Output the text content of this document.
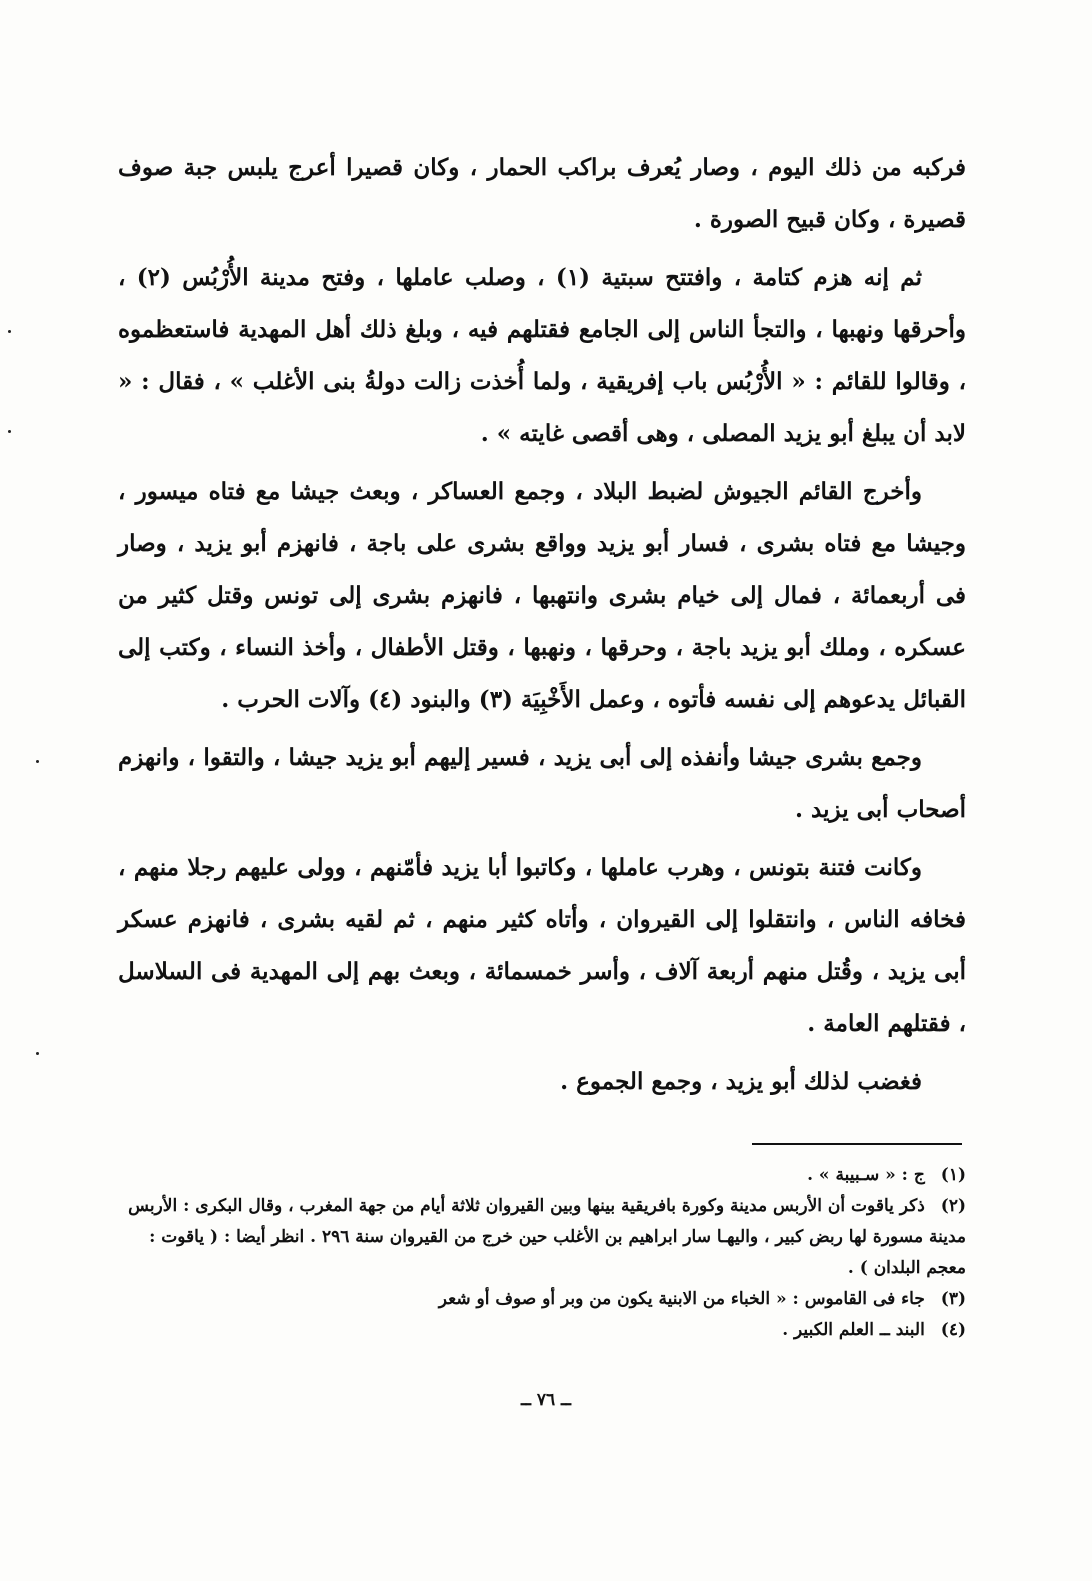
فركبه من ذلك اليوم ، وصار يُعرف براكب الحمار ، وكان قصيرا أعرج يلبس جبة صوف قصيرة ، وكان قبيح الصورة .

ثم إنه هزم كتامة ، وافتتح سبتية (١) ، وصلب عاملها ، وفتح مدينة الأُرْبُس (٢) ، وأحرقها ونهبها ، والتجأ الناس إلى الجامع فقتلهم فيه ، وبلغ ذلك أهل المهدية فاستعظموه ، وقالوا للقائم : « الأُرْبُس باب إفريقية ، ولما أُخذت زالت دولةُ بنى الأغلب » ، فقال : « لابد أن يبلغ أبو يزيد المصلى ، وهى أقصى غايته » .

وأخرج القائم الجيوش لضبط البلاد ، وجمع العساكر ، وبعث جيشا مع فتاه ميسور ، وجيشا مع فتاه بشرى ، فسار أبو يزيد وواقع بشرى على باجة ، فانهزم أبو يزيد ، وصار فى أربعمائة ، فمال إلى خيام بشرى وانتهبها ، فانهزم بشرى إلى تونس وقتل كثير من عسكره ، وملك أبو يزيد باجة ، وحرقها ، ونهبها ، وقتل الأطفال ، وأخذ النساء ، وكتب إلى القبائل يدعوهم إلى نفسه فأتوه ، وعمل الأَخْبِيَة (٣) والبنود (٤) وآلات الحرب .

وجمع بشرى جيشا وأنفذه إلى أبى يزيد ، فسير إليهم أبو يزيد جيشا ، والتقوا ، وانهزم أصحاب أبى يزيد .

وكانت فتنة بتونس ، وهرب عاملها ، وكاتبوا أبا يزيد فأمّنهم ، وولى عليهم رجلا منهم ، فخافه الناس ، وانتقلوا إلى القيروان ، وأتاه كثير منهم ، ثم لقيه بشرى ، فانهزم عسكر أبى يزيد ، وقُتل منهم أربعة آلاف ، وأسر خمسمائة ، وبعث بهم إلى المهدية فى السلاسل ، فقتلهم العامة .

فغضب لذلك أبو يزيد ، وجمع الجموع .

(١) ج : « سـبيبة » .

(٢) ذكر ياقوت أن الأربس مدينة وكورة بافريقية بينها وبين القيروان ثلاثة أيام من جهة المغرب ، وقال البكرى : الأربس مدينة مسورة لها ربض كبير ، واليهـا سار ابراهيم بن الأغلب حين خرج من القيروان سنة ٢٩٦ . انظر أيضا : ( ياقوت : معجم البلدان ) .

(٣) جاء فى القاموس : « الخباء من الابنية يكون من وبر أو صوف أو شعر

(٤) البند ــ العلم الكبير .

ــ ٧٦ ــ
